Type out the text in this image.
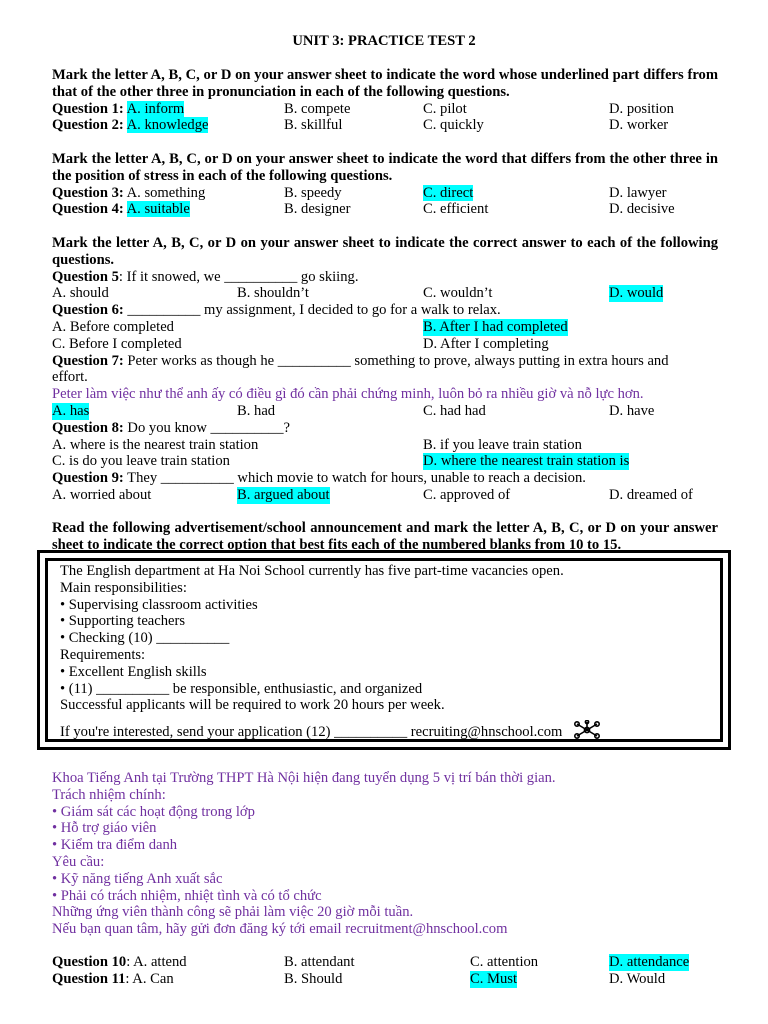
UNIT 3: PRACTICE TEST 2
Mark the letter A, B, C, or D on your answer sheet to indicate the word whose underlined part differs from that of the other three in pronunciation in each of the following questions.
Question 1: A. inform	B. compete	C. pilot	D. position
Question 2: A. knowledge	B. skillful	C. quickly	D. worker
Mark the letter A, B, C, or D on your answer sheet to indicate the word that differs from the other three in the position of stress in each of the following questions.
Question 3: A. something	B. speedy	C. direct	D. lawyer
Question 4: A. suitable	B. designer	C. efficient	D. decisive
Mark the letter A, B, C, or D on your answer sheet to indicate the correct answer to each of the following questions.
Question 5: If it snowed, we __________ go skiing.
A. should	B. shouldn’t	C. wouldn’t	D. would
Question 6: __________ my assignment, I decided to go for a walk to relax.
A. Before completed	B. After I had completed
C. Before I completed	D. After I completing
Question 7: Peter works as though he __________ something to prove, always putting in extra hours and
effort.
Peter làm việc như thể anh ấy có điều gì đó cần phải chứng minh, luôn bỏ ra nhiều giờ và nỗ lực hơn.
A. has	B. had	C. had had	D. have
Question 8: Do you know __________?
A. where is the nearest train station	B. if you leave train station
C. is do you leave train station	D. where the nearest train station is
Question 9: They __________ which movie to watch for hours, unable to reach a decision.
A. worried about	B. argued about	C. approved of	D. dreamed of
Read the following advertisement/school announcement and mark the letter A, B, C, or D on your answer sheet to indicate the correct option that best fits each of the numbered blanks from 10 to 15.
The English department at Ha Noi School currently has five part-time vacancies open.
Main responsibilities:
• Supervising classroom activities
• Supporting teachers
• Checking (10) __________
Requirements:
• Excellent English skills
• (11) __________ be responsible, enthusiastic, and organized
Successful applicants will be required to work 20 hours per week.
If you're interested, send your application (12) __________ recruiting@hnschool.com
Khoa Tiếng Anh tại Trường THPT Hà Nội hiện đang tuyển dụng 5 vị trí bán thời gian.
Trách nhiệm chính:
• Giám sát các hoạt động trong lớp
• Hỗ trợ giáo viên
• Kiểm tra điểm danh
Yêu cầu:
• Kỹ năng tiếng Anh xuất sắc
• Phải có trách nhiệm, nhiệt tình và có tổ chức
Những ứng viên thành công sẽ phải làm việc 20 giờ mỗi tuần.
Nếu bạn quan tâm, hãy gửi đơn đăng ký tới email recruitment@hnschool.com
Question 10: A. attend	B. attendant	C. attention	D. attendance
Question 11: A. Can	B. Should	C. Must	D. Would
